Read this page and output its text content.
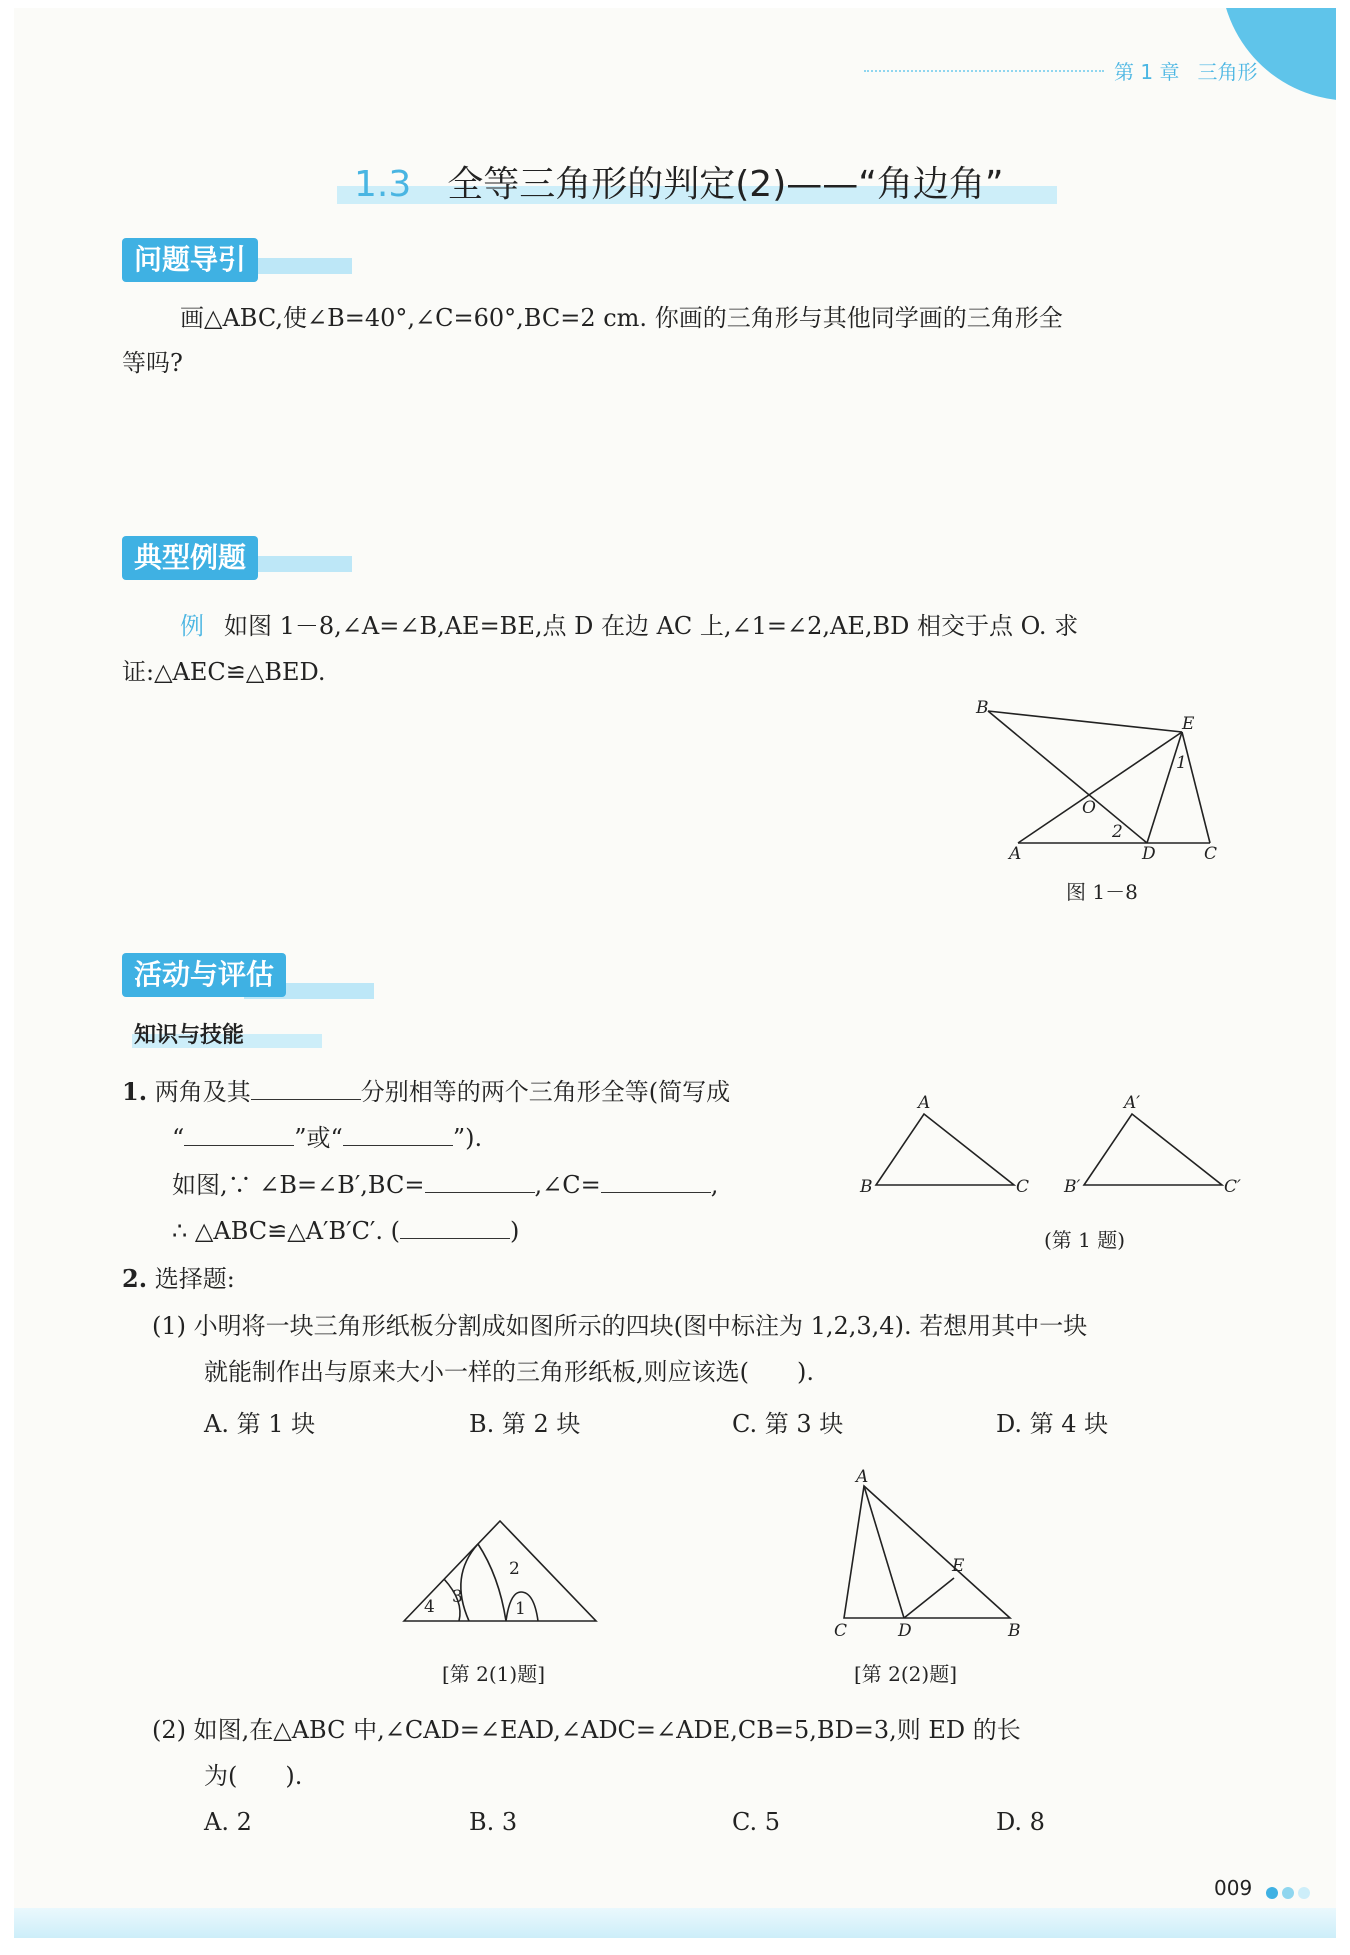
第 1 章 三角形
1.3 全等三角形的判定(2)——“角边角”
问题导引
画△ABC,使∠B=40°,∠C=60°,BC=2 cm. 你画的三角形与其他同学画的三角形全
等吗?
典型例题
例 如图 1－8,∠A=∠B,AE=BE,点 D 在边 AC 上,∠1=∠2,AE,BD 相交于点 O. 求
证:△AEC≌△BED.
B
E
A	D	C
O
1
2
图 1－8
活动与评估
知识与技能
1. 两角及其	分别相等的两个三角形全等(简写成
“	”或“	”).
如图,∵ ∠B=∠B′,BC=	,∠C=	,
∴ △ABC≌△A′B′C′. (	)
A
B	C
A′
B′	C′
(第 1 题)
2. 选择题:
(1) 小明将一块三角形纸板分割成如图所示的四块(图中标注为 1,2,3,4). 若想用其中一块
就能制作出与原来大小一样的三角形纸板,则应该选(　　).
A. 第 1 块	B. 第 2 块	C. 第 3 块	D. 第 4 块
4 3
2
1
[第 2(1)题]
A
E
C	D	B
[第 2(2)题]
(2) 如图,在△ABC 中,∠CAD=∠EAD,∠ADC=∠ADE,CB=5,BD=3,则 ED 的长
为(　　).
A. 2	B. 3	C. 5	D. 8
009
